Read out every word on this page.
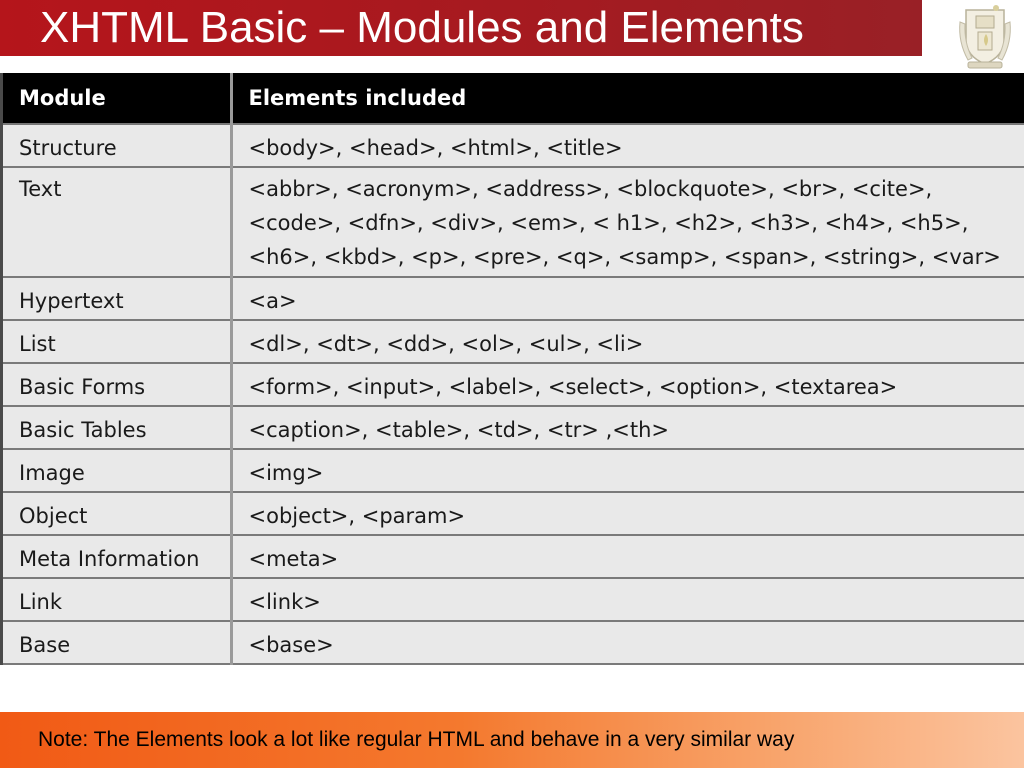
XHTML Basic – Modules and Elements
Module	Elements included
Structure	<body>, <head>, <html>, <title>
Text	<abbr>, <acronym>, <address>, <blockquote>, <br>, <cite>, <code>, <dfn>, <div>, <em>, < h1>, <h2>, <h3>, <h4>, <h5>, <h6>, <kbd>, <p>, <pre>, <q>, <samp>, <span>, <string>, <var>
Hypertext	<a>
List	<dl>, <dt>, <dd>, <ol>, <ul>, <li>
Basic Forms	<form>, <input>, <label>, <select>, <option>, <textarea>
Basic Tables	<caption>, <table>, <td>, <tr> ,<th>
Image	<img>
Object	<object>, <param>
Meta Information	<meta>
Link	<link>
Base	<base>
Note: The Elements look a lot like regular HTML and behave in a very similar way
